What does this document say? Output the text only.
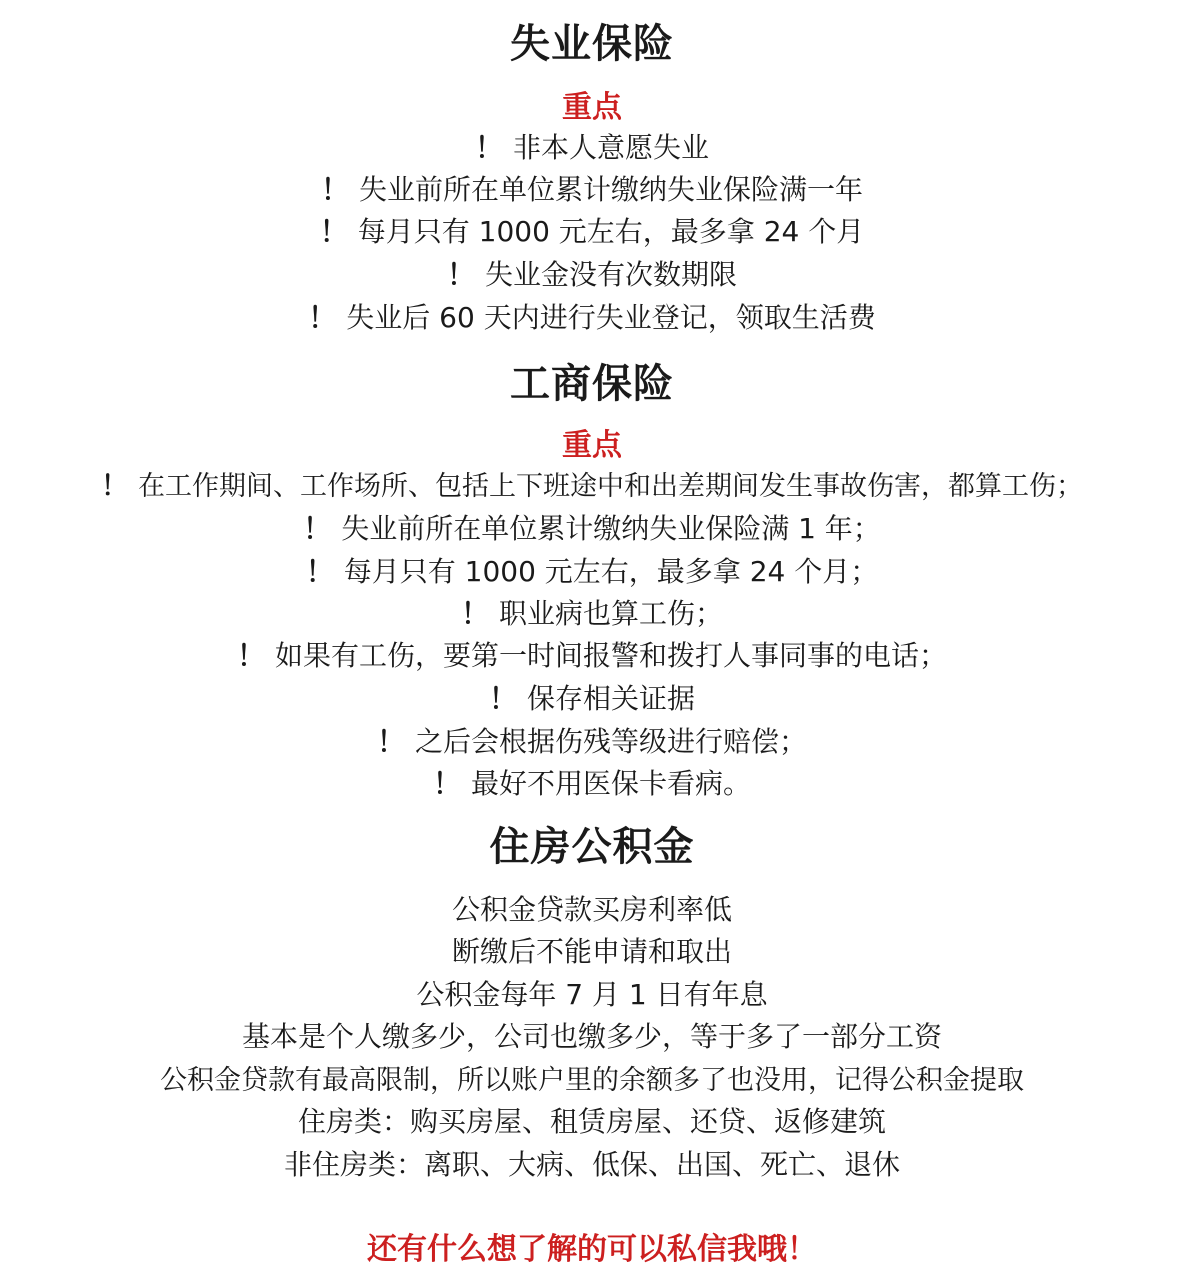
失业保险
重点
！ 非本人意愿失业
！ 失业前所在单位累计缴纳失业保险满一年
！ 每月只有 1000 元左右，最多拿 24 个月
！ 失业金没有次数期限
！ 失业后 60 天内进行失业登记，领取生活费
工商保险
重点
！ 在工作期间、工作场所、包括上下班途中和出差期间发生事故伤害，都算工伤；
！ 失业前所在单位累计缴纳失业保险满 1 年；
！ 每月只有 1000 元左右，最多拿 24 个月；
！ 职业病也算工伤；
！ 如果有工伤，要第一时间报警和拨打人事同事的电话；
！ 保存相关证据
！ 之后会根据伤残等级进行赔偿；
！ 最好不用医保卡看病。
住房公积金
公积金贷款买房利率低
断缴后不能申请和取出
公积金每年 7 月 1 日有年息
基本是个人缴多少，公司也缴多少，等于多了一部分工资
公积金贷款有最高限制，所以账户里的余额多了也没用，记得公积金提取
住房类：购买房屋、租赁房屋、还贷、返修建筑
非住房类：离职、大病、低保、出国、死亡、退休
还有什么想了解的可以私信我哦！
